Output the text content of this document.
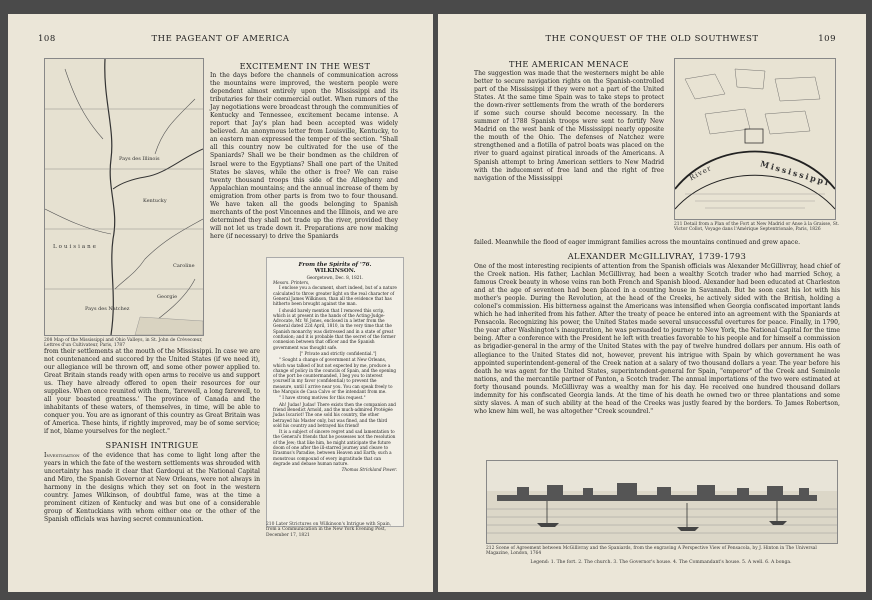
108	THE PAGEANT OF AMERICA
Pays des Illinois
Kentucky
Louisiane
Pays des Natchez
Georgie
Caroline
208 Map of the Mississippi and Ohio Valleys, in St. John de Crèvecœur, Lettres d'un Cultivateur, Paris, 1787
EXCITEMENT IN THE WEST
In the days before the channels of communication across the mountains were improved, the western people were dependent almost entirely upon the Mississippi and its tributaries for their commercial outlet. When rumors of the Jay negotiations were broadcast through the communities of Kentucky and Tennessee, excitement became intense. A report that Jay's plan had been accepted was widely believed. An anonymous letter from Louisville, Kentucky, to an eastern man expressed the temper of the section. "Shall all this country now be cultivated for the use of the Spaniards? Shall we be their bondmen as the children of Israel were to the Egyptians? Shall one part of the United States be slaves, while the other is free? We can raise twenty thousand troops this side of the Allegheny and Appalachian mountains; and the annual increase of them by emigration from other parts is from two to four thousand. We have taken all the goods belonging to Spanish merchants of the post Vincennes and the Illinois, and we are determined they shall not trade up the river, provided they will not let us trade down it. Preparations are now making here (if necessary) to drive the Spaniards
From the Spirits of '76.
WILKINSON.
Georgetown, Dec. 8, 1821.
Messrs. Printers,

I enclose you a document, short indeed, but of a nature calculated to throw greater light on the real character of General James Wilkinson, than all the evidence that has hitherto been brought against the man.

I should barely mention that I removed this scrip, which is at present in the hands of the Acting-Judge-Advocate, Mr. W. Jones, enclosed in a letter from the General dated 22d April, 1810, in the very time that the Spanish monarchy was distressed and in a state of great confusion; and it is probable that the secret of the former connexion between that officer and the Spanish government was thought safe.

[" Private and strictly confidential."]

" Sought a change of government at New Orleans, which was talked of but not expected by me, produce a change of policy in the councils of Spain, and the opening of the port be countermanded, I beg you to interest yourself in my favor (confidential) to prevent the measure, until I arrive near you. You can speak freely to the Marquis de Casa Calvo or the intendant from me.

" I have strong motives for this request."

Ah! Judas! Judas! There exists then the companion and friend Benedict Arnold, and the much-admired Protégée Judas Iscariot! The one sold his country, the other betrayed his Master only, but was fined, and the third sold his country and betrayed his friend!

It is a subject of sincere regret and sad lamentation to the General's friends that he possesses not the resolution of the Jew; that like him, he might anticipate the future doom of one after the ill-starred journey and cleave to Erasmus's Paradise, between Heaven and Earth; such a monstrous compound of every ingratitude that can degrade and debase human nature.

Thomas Strickland Power.
210 Later Strictures on Wilkinson's Intrigue with Spain, from a Communication in the New York Evening Post, December 17, 1821
from their settlements at the mouth of the Mississippi. In case we are not countenanced and succored by the United States (if we need it), our allegiance will be thrown off, and some other power applied to. Great Britain stands ready with open arms to receive us and support us. They have already offered to open their resources for our supplies. When once reunited with them, 'farewell, a long farewell, to all your boasted greatness.' The province of Canada and the inhabitants of these waters, of themselves, in time, will be able to conquer you. You are as ignorant of this country as Great Britain was of America. These hints, if rightly improved, may be of some service; if not, blame yourselves for the neglect."
SPANISH INTRIGUE
Investigation of the evidence that has come to light long after the years in which the fate of the western settlements was shrouded with uncertainty has made it clear that Gardoqui at the National Capital and Miro, the Spanish Governor at New Orleans, were not always in harmony in the designs which they set on foot in the western country. James Wilkinson, of doubtful fame, was at the time a prominent citizen of Kentucky and was but one of a considerable group of Kentuckians with whom either one or the other of the Spanish officials was having secret communication.
THE CONQUEST OF THE OLD SOUTHWEST	109
THE AMERICAN MENACE
The suggestion was made that the westerners might be able better to secure navigation rights on the Spanish-controlled part of the Mississippi if they were not a part of the United States. At the same time Spain was to take steps to protect the down-river settlements from the wrath of the borderers if some such course should become necessary. In the summer of 1788 Spanish troops were sent to fortify New Madrid on the west bank of the Mississippi nearly opposite the mouth of the Ohio. The defenses of Natchez were strengthened and a flotilla of patrol boats was placed on the river to guard against piratical inroads of the Americans. A Spanish attempt to bring American settlers to New Madrid with the inducement of free land and the right of free navigation of the Mississippi	Mississippi
River
211 Detail from a Plan of the Fort at New Madrid or Anse à la Graisse, St. Victor Collot, Voyage dans l'Amérique Septentrionale, Paris, 1826
failed. Meanwhile the flood of eager immigrant families across the mountains continued and grew apace.
ALEXANDER McGILLIVRAY, 1739-1793
One of the most interesting recipients of attention from the Spanish officials was Alexander McGillivray, head chief of the Creek nation. His father, Lachlan McGillivray, had been a wealthy Scotch trader who had married Schoy, a famous Creek beauty in whose veins ran both French and Spanish blood. Alexander had been educated at Charleston and at the age of seventeen had been placed in a counting house in Savannah. But he soon cast his lot with his mother's people. During the Revolution, at the head of the Creeks, he actively sided with the British, holding a colonel's commission. His bitterness against the Americans was intensified when Georgia confiscated important lands which he had inherited from his father. After the treaty of peace he entered into an agreement with the Spaniards at Pensacola. Recognizing his power, the United States made several unsuccessful overtures for peace. Finally, in 1790, the year after Washington's inauguration, he was persuaded to journey to New York, the National Capital for the time being. After a conference with the President he left with treaties favorable to his people and for himself a commission as brigadier-general in the army of the United States with the pay of twelve hundred dollars per annum. His oath of allegiance to the United States did not, however, prevent his intrigue with Spain by which government he was appointed superintendent-general of the Creek nation at a salary of two thousand dollars a year. The year before his death he was agent for the United States, superintendent-general for Spain, "emperor" of the Creek and Seminole nations, and the mercantile partner of Panton, a Scotch trader. The annual importations of the two were estimated at forty thousand pounds. McGillivray was a wealthy man for his day. He received one hundred thousand dollars indemnity for his confiscated Georgia lands. At the time of his death he owned two or three plantations and some sixty slaves. A man of such ability at the head of the Creeks was justly feared by the borders. To James Robertson, who knew him well, he was altogether "Creek scoundrel."
212 Scene of Agreement between McGillivray and the Spaniards, from the engraving A Perspective View of Pensacola, by J. Hinton in The Universal Magazine, London, 1764
Legend: 1. The fort. 2. The church. 3. The Governor's house. 4. The Commandant's house. 5. A well. 6. A bonga.
